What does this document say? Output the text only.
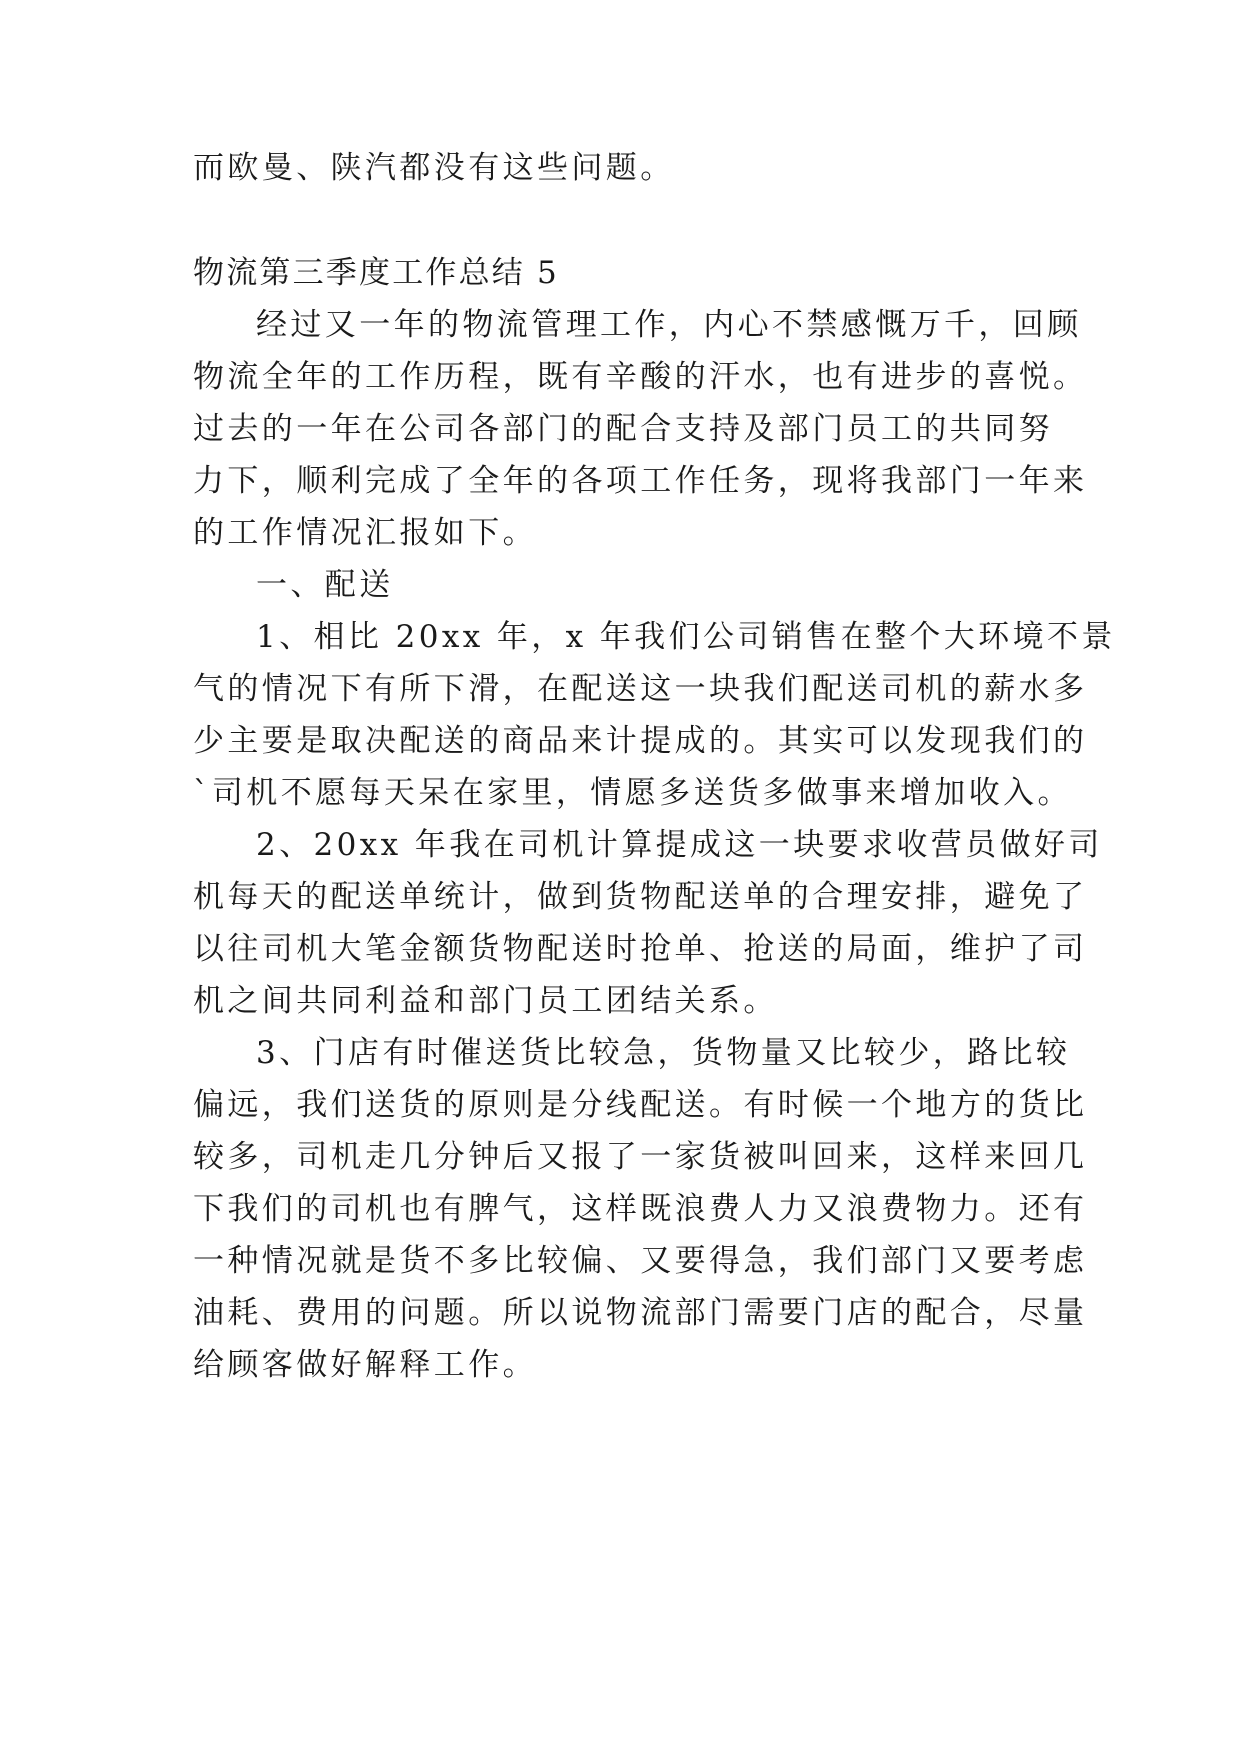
而欧曼、陕汽都没有这些问题。

物流第三季度工作总结 5

经过又一年的物流管理工作，内心不禁感慨万千，回顾

物流全年的工作历程，既有辛酸的汗水，也有进步的喜悦。

过去的一年在公司各部门的配合支持及部门员工的共同努

力下，顺利完成了全年的各项工作任务，现将我部门一年来

的工作情况汇报如下。

一、配送

1、相比 20xx 年，x 年我们公司销售在整个大环境不景

气的情况下有所下滑，在配送这一块我们配送司机的薪水多

少主要是取决配送的商品来计提成的。其实可以发现我们的

`司机不愿每天呆在家里，情愿多送货多做事来增加收入。

2、20xx 年我在司机计算提成这一块要求收营员做好司

机每天的配送单统计，做到货物配送单的合理安排，避免了

以往司机大笔金额货物配送时抢单、抢送的局面，维护了司

机之间共同利益和部门员工团结关系。

3、门店有时催送货比较急，货物量又比较少，路比较

偏远，我们送货的原则是分线配送。有时候一个地方的货比

较多，司机走几分钟后又报了一家货被叫回来，这样来回几

下我们的司机也有脾气，这样既浪费人力又浪费物力。还有

一种情况就是货不多比较偏、又要得急，我们部门又要考虑

油耗、费用的问题。所以说物流部门需要门店的配合，尽量

给顾客做好解释工作。
